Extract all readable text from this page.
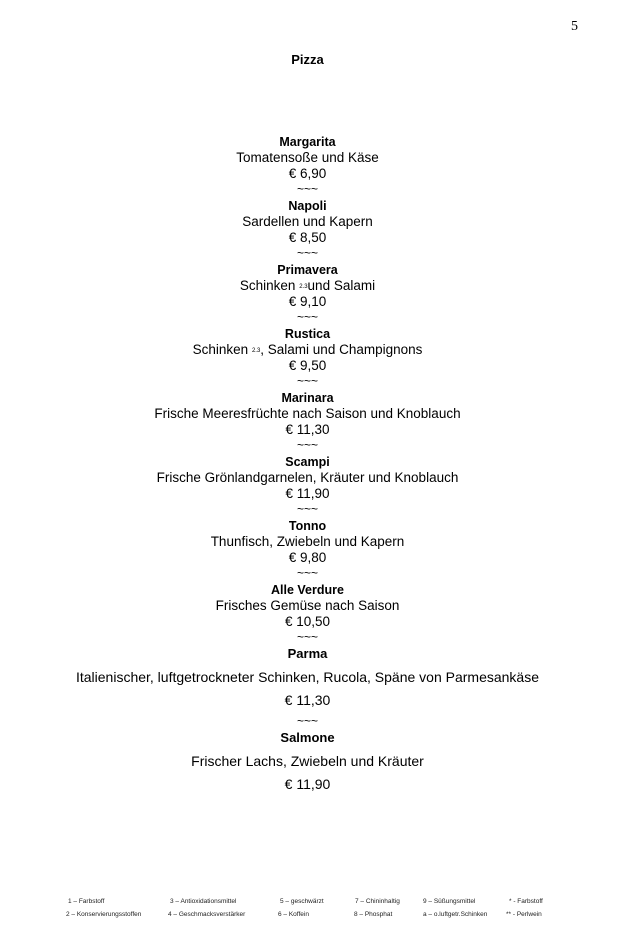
5
Pizza
Margarita
Tomatensoße und Käse
€ 6,90
~~~
Napoli
Sardellen und Kapern
€ 8,50
~~~
Primavera
Schinken $^{2.3}$und Salami
€ 9,10
~~~
Rustica
Schinken $^{2.3}$, Salami und Champignons
€ 9,50
~~~
Marinara
Frische Meeresfrüchte nach Saison und Knoblauch
€ 11,30
~~~
Scampi
Frische Grönlandgarnelen, Kräuter und Knoblauch
€ 11,90
~~~
Tonno
Thunfisch, Zwiebeln und Kapern
€ 9,80
~~~
Alle Verdure
Frisches Gemüse nach Saison
€ 10,50
~~~
Parma
Italienischer, luftgetrockneter Schinken, Rucola, Späne von Parmesankäse
€ 11,30
~~~
Salmone
Frischer Lachs, Zwiebeln und Kräuter
€ 11,90
1 – Farbstoff	3 – Antioxidationsmittel	5 – geschwärzt	7 – Chininhaltig	9 – Süßungsmittel	* - Farbstoff
2 – Konservierungsstoffen	4 – Geschmacksverstärker	6 – Koffein	8 – Phosphat	a – o.luftgetr.Schinken	** - Perlwein
